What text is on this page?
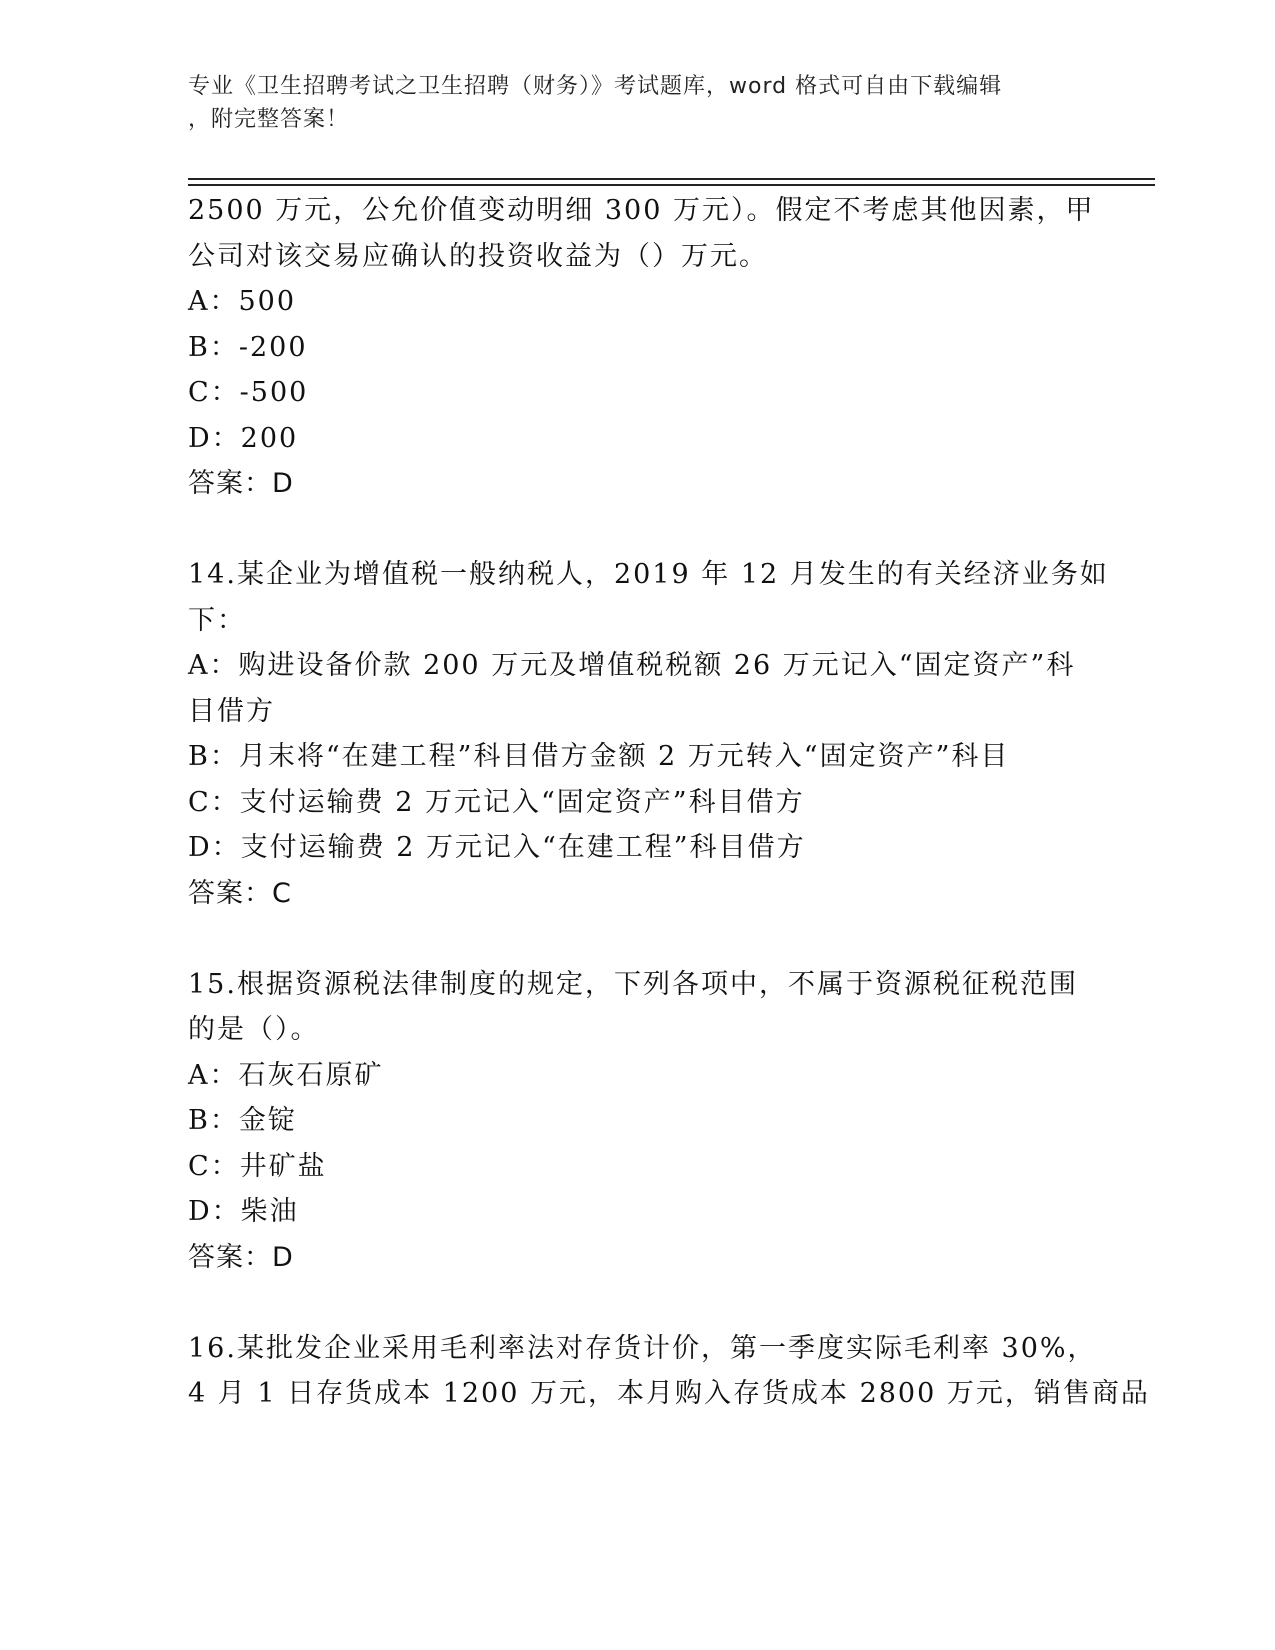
专业《卫生招聘考试之卫生招聘（财务）》考试题库，word 格式可自由下载编辑
，附完整答案！
2500 万元，公允价值变动明细 300 万元）。假定不考虑其他因素，甲
公司对该交易应确认的投资收益为（）万元。
A：500
B：-200
C：-500
D：200
答案：D
14.某企业为增值税一般纳税人，2019 年 12 月发生的有关经济业务如
下：
A：购进设备价款 200 万元及增值税税额 26 万元记入“固定资产”科
目借方
B：月末将“在建工程”科目借方金额 2 万元转入“固定资产”科目
C：支付运输费 2 万元记入“固定资产”科目借方
D：支付运输费 2 万元记入“在建工程”科目借方
答案：C
15.根据资源税法律制度的规定，下列各项中，不属于资源税征税范围
的是（）。
A：石灰石原矿
B：金锭
C：井矿盐
D：柴油
答案：D
16.某批发企业采用毛利率法对存货计价，第一季度实际毛利率 30%，
4 月 1 日存货成本 1200 万元，本月购入存货成本 2800 万元，销售商品
